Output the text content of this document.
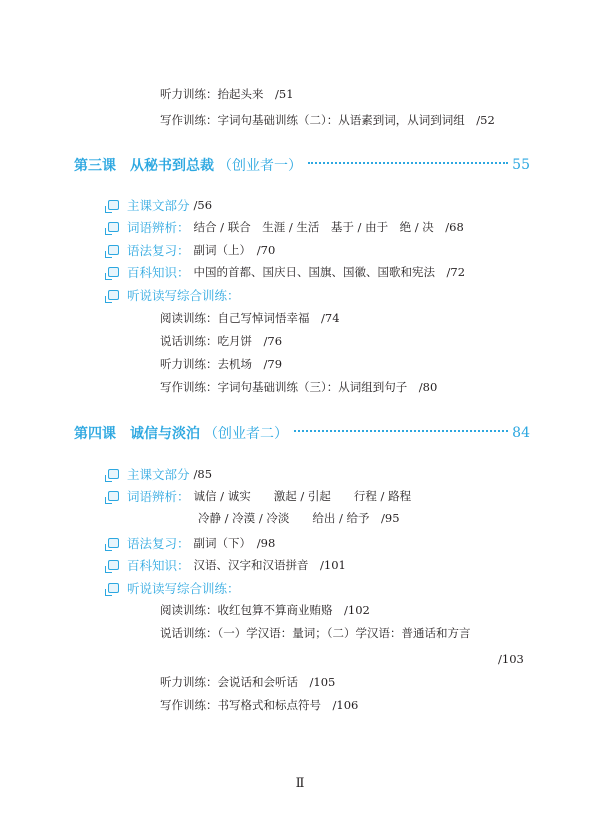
听力训练：抬起头来　/51
写作训练：字词句基础训练（二）：从语素到词，从词到词组　/52
第三课　从秘书到总裁 （创业者一）	55
主课文部分 /56
词语辨析： 结合 / 联合　生涯 / 生活　基于 / 由于　绝 / 决　/68
语法复习： 副词（上）　/70
百科知识： 中国的首都、国庆日、国旗、国徽、国歌和宪法　/72
听说读写综合训练：
阅读训练：自己写悼词悟幸福　/74
说话训练：吃月饼　/76
听力训练：去机场　/79
写作训练：字词句基础训练（三）：从词组到句子　/80
第四课　诚信与淡泊 （创业者二）	84
主课文部分 /85
词语辨析： 诚信 / 诚实　　激起 / 引起　　行程 / 路程
冷静 / 冷漠 / 冷淡　　给出 / 给予　/95
语法复习： 副词（下）　/98
百科知识： 汉语、汉字和汉语拼音　/101
听说读写综合训练：
阅读训练：收红包算不算商业贿赂　/102
说话训练：（一）学汉语：量词；（二）学汉语：普通话和方言
/103
听力训练：会说话和会听话　/105
写作训练：书写格式和标点符号　/106
Ⅱ
